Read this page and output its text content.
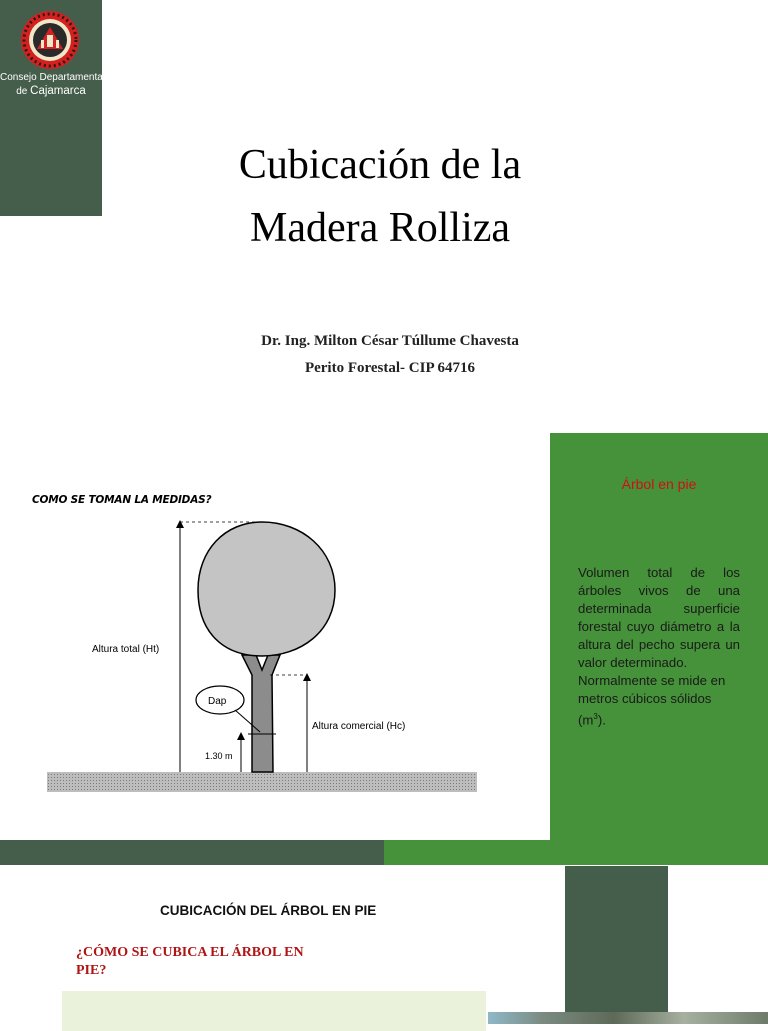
Consejo Departamental
de Cajamarca
Cubicación de la
Madera Rolliza
Dr. Ing. Milton César Túllume Chavesta
Perito Forestal- CIP 64716
COMO SE TOMAN LA MEDIDAS?
Altura total (Ht)
Altura comercial (Hc)
Dap
1.30 m
Árbol en pie
Volumen total de los árboles vivos de una determinada superficie forestal cuyo diámetro a la altura del pecho supera un valor determinado.
Normalmente se mide en metros cúbicos sólidos $(m^3)$.
CUBICACIÓN DEL ÁRBOL EN PIE
¿CÓMO SE CUBICA EL ÁRBOL EN PIE?
